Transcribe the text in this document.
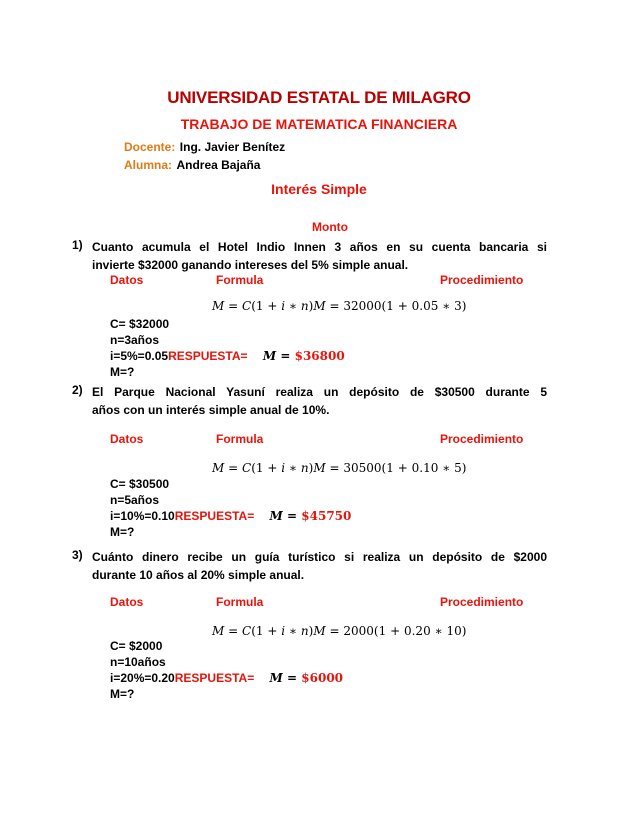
UNIVERSIDAD ESTATAL DE MILAGRO
TRABAJO DE MATEMATICA FINANCIERA
Docente: Ing. Javier Benítez
Alumna: Andrea Bajaña
Interés Simple
Monto
1) Cuanto acumula el Hotel Indio Innen 3 años en su cuenta bancaria si

invierte $32000 ganando intereses del 5% simple anual.

Datos	Formula	Procedimiento
M = C(1 + i ∗ n)M = 32000(1 + 0.05 ∗ 3)
C= $32000
n=3años
i=5%=0.05RESPUESTA= M = $36800
M=?
2) El Parque Nacional Yasuní realiza un depósito de $30500 durante 5

años con un interés simple anual de 10%.

Datos	Formula	Procedimiento
M = C(1 + i ∗ n)M = 30500(1 + 0.10 ∗ 5)
C= $30500
n=5años
i=10%=0.10RESPUESTA= M = $45750
M=?
3) Cuánto dinero recibe un guía turístico si realiza un depósito de $2000

durante 10 años al 20% simple anual.

Datos	Formula	Procedimiento
M = C(1 + i ∗ n)M = 2000(1 + 0.20 ∗ 10)
C= $2000
n=10años
i=20%=0.20RESPUESTA= M = $6000
M=?
